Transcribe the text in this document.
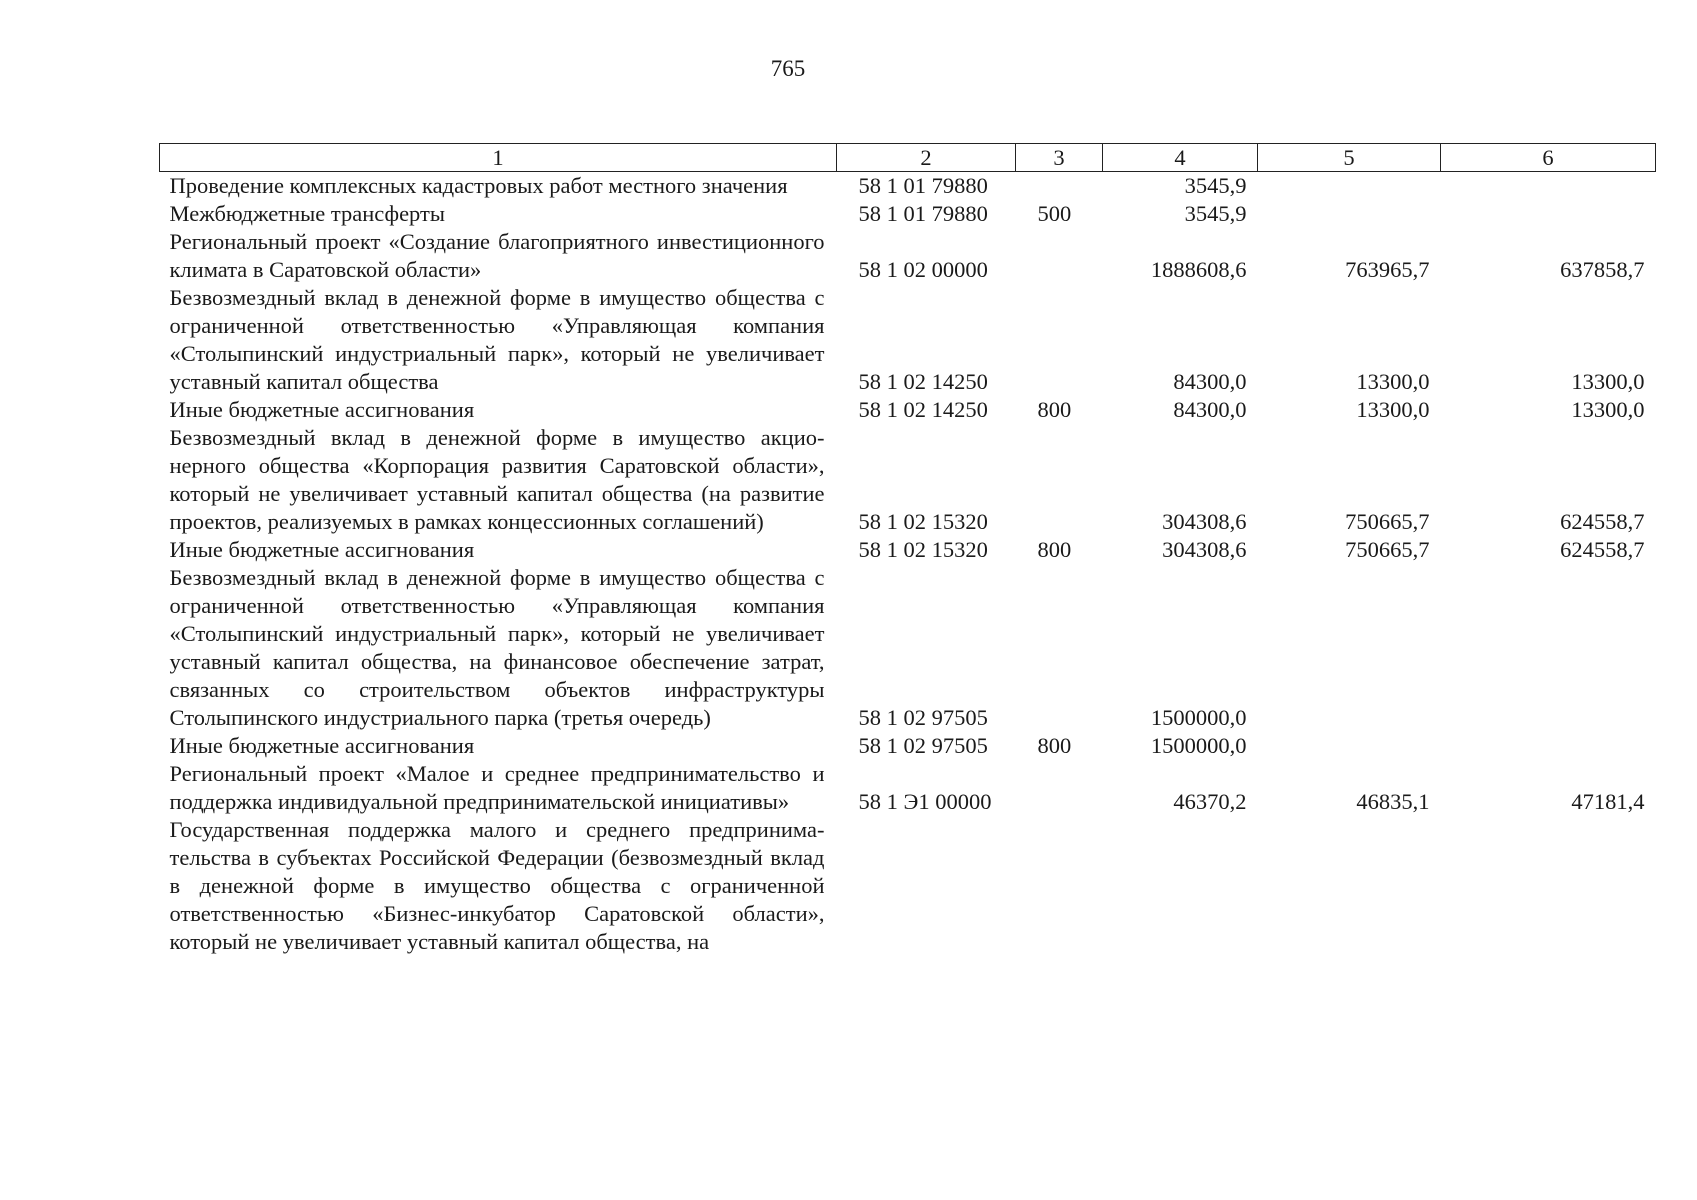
765
1	2	3	4	5	6
Проведение комплексных кадастровых работ местного значения	58 1 01 79880		3545,9		
Межбюджетные трансферты	58 1 01 79880	500	3545,9		
Региональный проект «Создание благоприятного инвестиционного климата в Саратовской области»	58 1 02 00000		1888608,6	763965,7	637858,7
Безвозмездный вклад в денежной форме в имущество общества с ограниченной ответственностью «Управляющая компания «Столыпинский индустриальный парк», который не увеличивает уставный капитал общества	58 1 02 14250		84300,0	13300,0	13300,0
Иные бюджетные ассигнования	58 1 02 14250	800	84300,0	13300,0	13300,0
Безвозмездный вклад в денежной форме в имущество акционерного общества «Корпорация развития Саратовской области», который не увеличивает уставный капитал общества (на развитие проектов, реализуемых в рамках концессионных соглашений)	58 1 02 15320		304308,6	750665,7	624558,7
Иные бюджетные ассигнования	58 1 02 15320	800	304308,6	750665,7	624558,7
Безвозмездный вклад в денежной форме в имущество общества с ограниченной ответственностью «Управляющая компания «Столыпинский индустриальный парк», который не увеличивает уставный капитал общества, на финансовое обеспечение затрат, связанных со строительством объектов инфраструктуры Столыпинского индустриального парка (третья очередь)	58 1 02 97505		1500000,0		
Иные бюджетные ассигнования	58 1 02 97505	800	1500000,0		
Региональный проект «Малое и среднее предпринимательство и поддержка индивидуальной предпринимательской инициативы»	58 1 Э1 00000		46370,2	46835,1	47181,4
Государственная поддержка малого и среднего предпринимательства в субъектах Российской Федерации (безвозмездный вклад в денежной форме в имущество общества с ограниченной ответственностью «Бизнес-инкубатор Саратовской области», который не увеличивает уставный капитал общества, на					
